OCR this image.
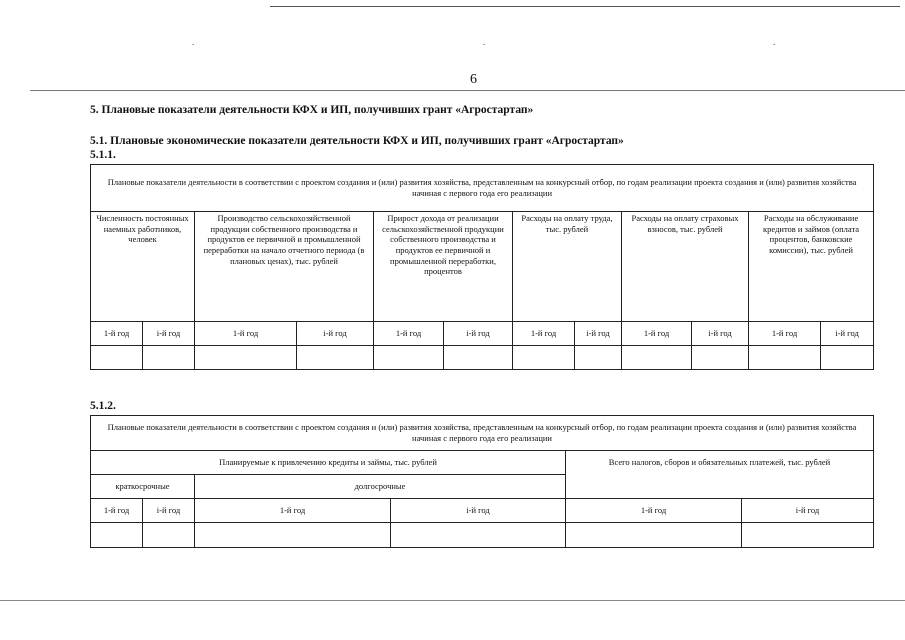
.	.	.
6
5. Плановые показатели деятельности КФХ и ИП, получивших грант «Агростартап»
5.1. Плановые экономические показатели деятельности КФХ и ИП, получивших грант «Агростартап»
5.1.1.
Плановые показатели деятельности в соответствии с проектом создания и (или) развития хозяйства, представленным на конкурсный отбор, по годам реализации проекта создания и (или) развития хозяйства начиная с первого года его реализации											
Численность постоянных наемных работников, человек		Производство сельскохозяйственной продукции собственного производства и продуктов ее первичной и промышленной переработки на начало отчетного периода (в плановых ценах), тыс. рублей		Прирост дохода от реализации сельскохозяйственной продукции собственного производства и продуктов ее первичной и промышленной переработки, процентов		Расходы на оплату труда, тыс. рублей		Расходы на оплату страховых взносов, тыс. рублей		Расходы на обслуживание кредитов и займов (оплата процентов, банковские комиссии), тыс. рублей	
1-й год	i-й год	1-й год	i-й год	1-й год	i-й год	1-й год	i-й год	1-й год	i-й год	1-й год	i-й год

5.1.2.
Плановые показатели деятельности в соответствии с проектом создания и (или) развития хозяйства, представленным на конкурсный отбор, по годам реализации проекта создания и (или) развития хозяйства начиная с первого года его реализации					
Планируемые к привлечению кредиты и займы, тыс. рублей				Всего налогов, сборов и обязательных платежей, тыс. рублей	
краткосрочные		долгосрочные			
1-й год	i-й год	1-й год	i-й год	1-й год	i-й год
